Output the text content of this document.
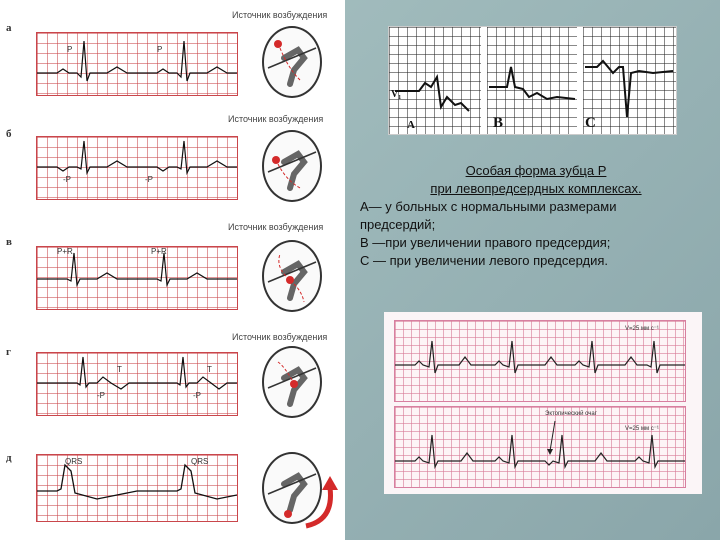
а
Источник возбуждения
P	P
б
Источник возбуждения
-P	-P
в
Источник возбуждения
P+R	P+R
г
Источник возбуждения
T
-P
T
-P
д	QRS	QRS
V₁
A	B	C
Особая форма зубца Р
при левопредсердных комплексах.
А— у больных с нормальными размерами
предсердий;
В —при увеличении правого предсердия;
С — при увеличении левого предсердия.
V=25 мм с⁻¹
Эктопический очаг
V=25 мм с⁻¹
